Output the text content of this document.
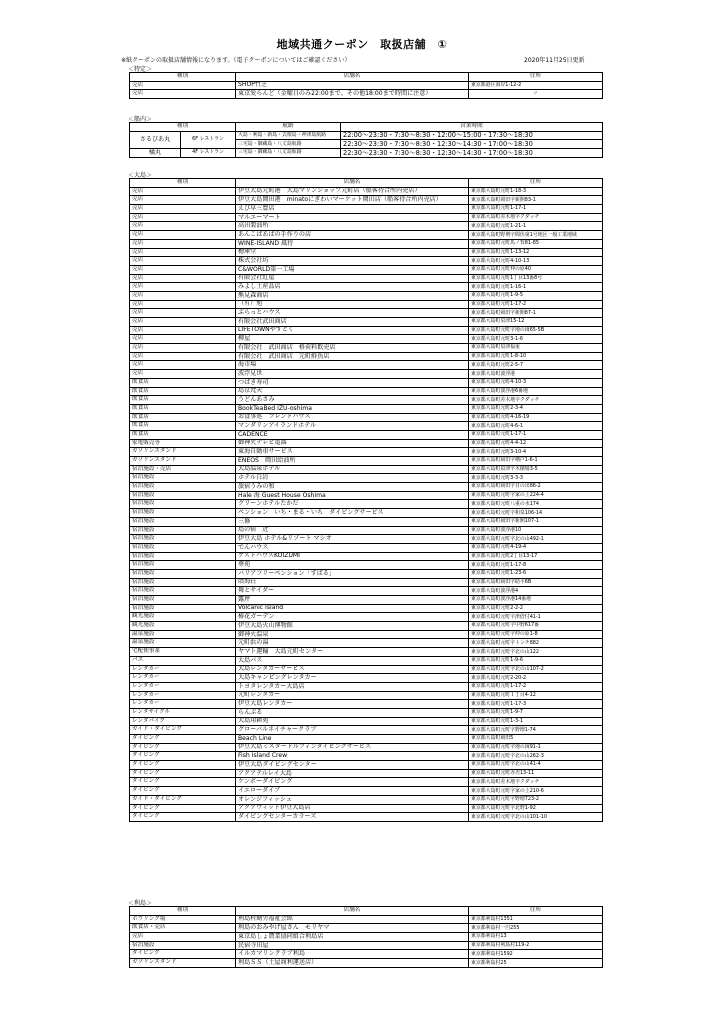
地域共通クーポン　取扱店舗　①
※紙クーポンの取扱店舗情報になります。（電子クーポンについてはご確認ください）	2020年11月25日更新
＜特定＞
種別	店舗名	住所
売店	SHOP竹芝	東京都港区海岸1-12-2
売店	東京愛らんど（金曜日のみ22:00まで、その他18:00まで時間に注意）	〃
＜船内＞
種別		航路	営業時間
さるびあ丸	6F レストラン	大島・利島・新島・式根島・神津島航路	22:00～23:30・7:30～8:30・12:00～15:00・17:30～18:30
		三宅島・御蔵島・八丈島航路	22:30～23:30・7:30～8:30・12:30～14:30・17:00～18:30
橘丸	4F レストラン	三宅島・御蔵島・八丈島航路	22:30～23:30・7:30～8:30・12:30～14:30・17:00～18:30
＜大島＞
種別	店舗名	住所
売店	伊豆大島元町港　大島マリンショップ元町店（船客待合所内売店）	東京都大島町元町1-18-3
売店	伊豆大島岡田港　minatoにぎわいマーケット岡田店（船客待合所内売店）	東京都大島町岡田字新開83-1
売店	えび早三豊店	東京都大島町元町1-17-1
売店	マルエーマート	東京都大島町差木地字クダッチ
売店	高田製油所	東京都大島町元町1-21-1
売店	あんこばあばの手作りの店	東京都大島町野増字間伏第1号地区一般工業地域
売店	WINE-ISLAND 風待	東京都大島町元町馬ノ背81-85
売店	穂庫堂	東京都大島町元町1-13-12
売店	株式会社坊	東京都大島町元町4-10-13
売店	C&WORLD第一工場	東京都大島町元町仲の原40
売店	有限会社紅屋	東京都大島町元町1丁目13番8号
売店	みよし土産品店	東京都大島町元町1-16-1
売店	熊見森商店	東京都大島町元町1-9-5
売店	（有）旭	東京都大島町元町1-17-2
売店	ぶらっとハウス	東京都大島町岡田字新開87-1
売店	有限会社武田商店	東京都大島町泉津15-12
売店	LIFETOWNやすとく	東京都大島町元町字地の岡65-5B
売店	柳屋	東京都大島町元町3-1-6
売店	有限会社　武田商店　格荷料飲売店	東京都大島町泉津福重
売店	有限会社　武田商店　元町鮮魚店	東京都大島町元町1-8-10
売店	海市場	東京都大島町元町2-5-7
売店	波浮見世	東京都大島町波浮港
飲食店	つばき寿司	東京都大島町元町4-10-3
飲食店	島京梵天	東京都大島町波浮港6番地
飲食店	うどんあさみ	東京都大島町差木地字クダッチ
飲食店	BookTeaBed IZU-oshima	東京都大島町元町2-3-4
飲食店	お食事処　フレンドハウス	東京都大島町元町4-16-19
飲食店	マンダリンアイランドホテル	東京都大島町元町4-6-1
飲食店	CADENCE	東京都大島町元町1-17-1
家電販売等	御神火テレビ電器	東京都大島町元町4-4-12
ガソリンスタンド	東海自動車サービス	東京都大島町元町3-10-4
ガソリンスタンド	ENEOS　岡田給油所	東京都大島町岡田字櫓戸1-6-1
宿泊施設・売店	大島温泉ホテル	東京都大島町泉津字木積場3-5
宿泊施設	ホテル白岩	東京都大島町元町3-3-3
宿泊施設	旅宿うみの和	東京都大島町岡田字日の出86-2
宿泊施設	Hale 海 Guest House Oshima	東京都大島町元町字家の上224-4
宿泊施設	グリーンホテルたかだ	東京都大島町元町八重の水174
宿泊施設	ペンション　いち・まる・いち　ダイビングサービス	東京都大島町元町字和泉106-14
宿泊施設	三條	東京都大島町岡田字新開107-1
宿泊施設	島の宿　近	東京都大島町波浮港10
宿泊施設	伊豆大島 ホテル&リゾート マシオ	東京都大島町元町字北の山492-1
宿泊施設	でんハウス	東京都大島町元町4-19-4
宿泊施設	ゲストハウスKOIZUMI	東京都大島町元町2丁目13-17
宿泊施設	華苑	東京都大島町元町1-17-8
宿泊施設	バリアフリーペンション「すばる」	東京都大島町元町1-23-6
宿泊施設	頃海荘	東京都大島町岡田字助平6B
宿泊施設	舞とサイダー	東京都大島町波浮港4
宿泊施設	露坪	東京都大島町波浮港14番地
宿泊施設	Volcanic Island	東京都大島町元町2-2-2
観光施設	椿花ガーデン	東京都大島町元町字津倍付41-1
観光施設	伊豆大島火山博物館	東京都大島町元町字中野617番
温泉施設	御神火温泉	東京都大島町元町字仲の原1-8
温泉施設	元町浜の湯	東京都大島町元町字トンチ882
宅配便事業	ヤマト運輸　大島元町センター	東京都大島町元町字北の山122
バス	大島バス	東京都大島町元町1-9-6
レンタカー	大島レンタカーサービス	東京都大島町元町字北の山107-2
レンタカー	大島キャンピングレンタカー	東京都大島町元町2-20-2
レンタカー	トヨタレンタカー大島店	東京都大島町元町1-17-2
レンタカー	元町レンタカー	東京都大島町元町１丁目4-12
レンタカー	伊豆大島レンタカー	東京都大島町元町1-17-3
レンタサイクル	らんぷる	東京都大島町元町1-9-7
レンタバイク	大島用耕苑	東京都大島町元町1-3-1
ガイド・ダイビング	グローバルネイチャークラブ	東京都大島町元町字野増1-74
ダイビング	Beach Line	東京都大島町岡田5
ダイビング	伊豆大島ミスタードルフィンダイビングサービス	東京都大島町元町字地の岡91-1
ダイビング	Fish Island Crew	東京都大島町元町字北の山262-3
ダイビング	伊豆大島ダイビングセンター	東京都大島町元町字北の山41-4
ダイビング	アクアテルレイ大島	東京都大島町元町赤禿13-11
ダイビング	ケンボーダイビング	東京都大島町差木地字クダッチ
ダイビング	イエローダイブ	東京都大島町元町字家の上210-6
ガイド・ダイビング	オレンジフィッシュ	東京都大島町元町字野増723-2
ダイビング	アクアウィット伊豆大島店	東京都大島町元町字北野1-92
ダイビング	ダイビングセンターカラーズ	東京都大島町元町字北の山101-10
＜利島＞
種別	店舗名	住所
ボウリング場	利島村勤労福祉会館	東京都利島村1351
飲食店・売店	利島のおみやげ屋さん　モリヤマ	東京都利島村一円255
売店	東京島しょ農業協同組合利島店	東京都利島村13
宿泊施設	民宿寺田屋	東京都利島村利島村119-2
ダイビング	イルカマリンクラブ利島	東京都利島村1592
ガソリンスタンド	利島ＳＳ（土屋商利運送店）	東京都利島村25
